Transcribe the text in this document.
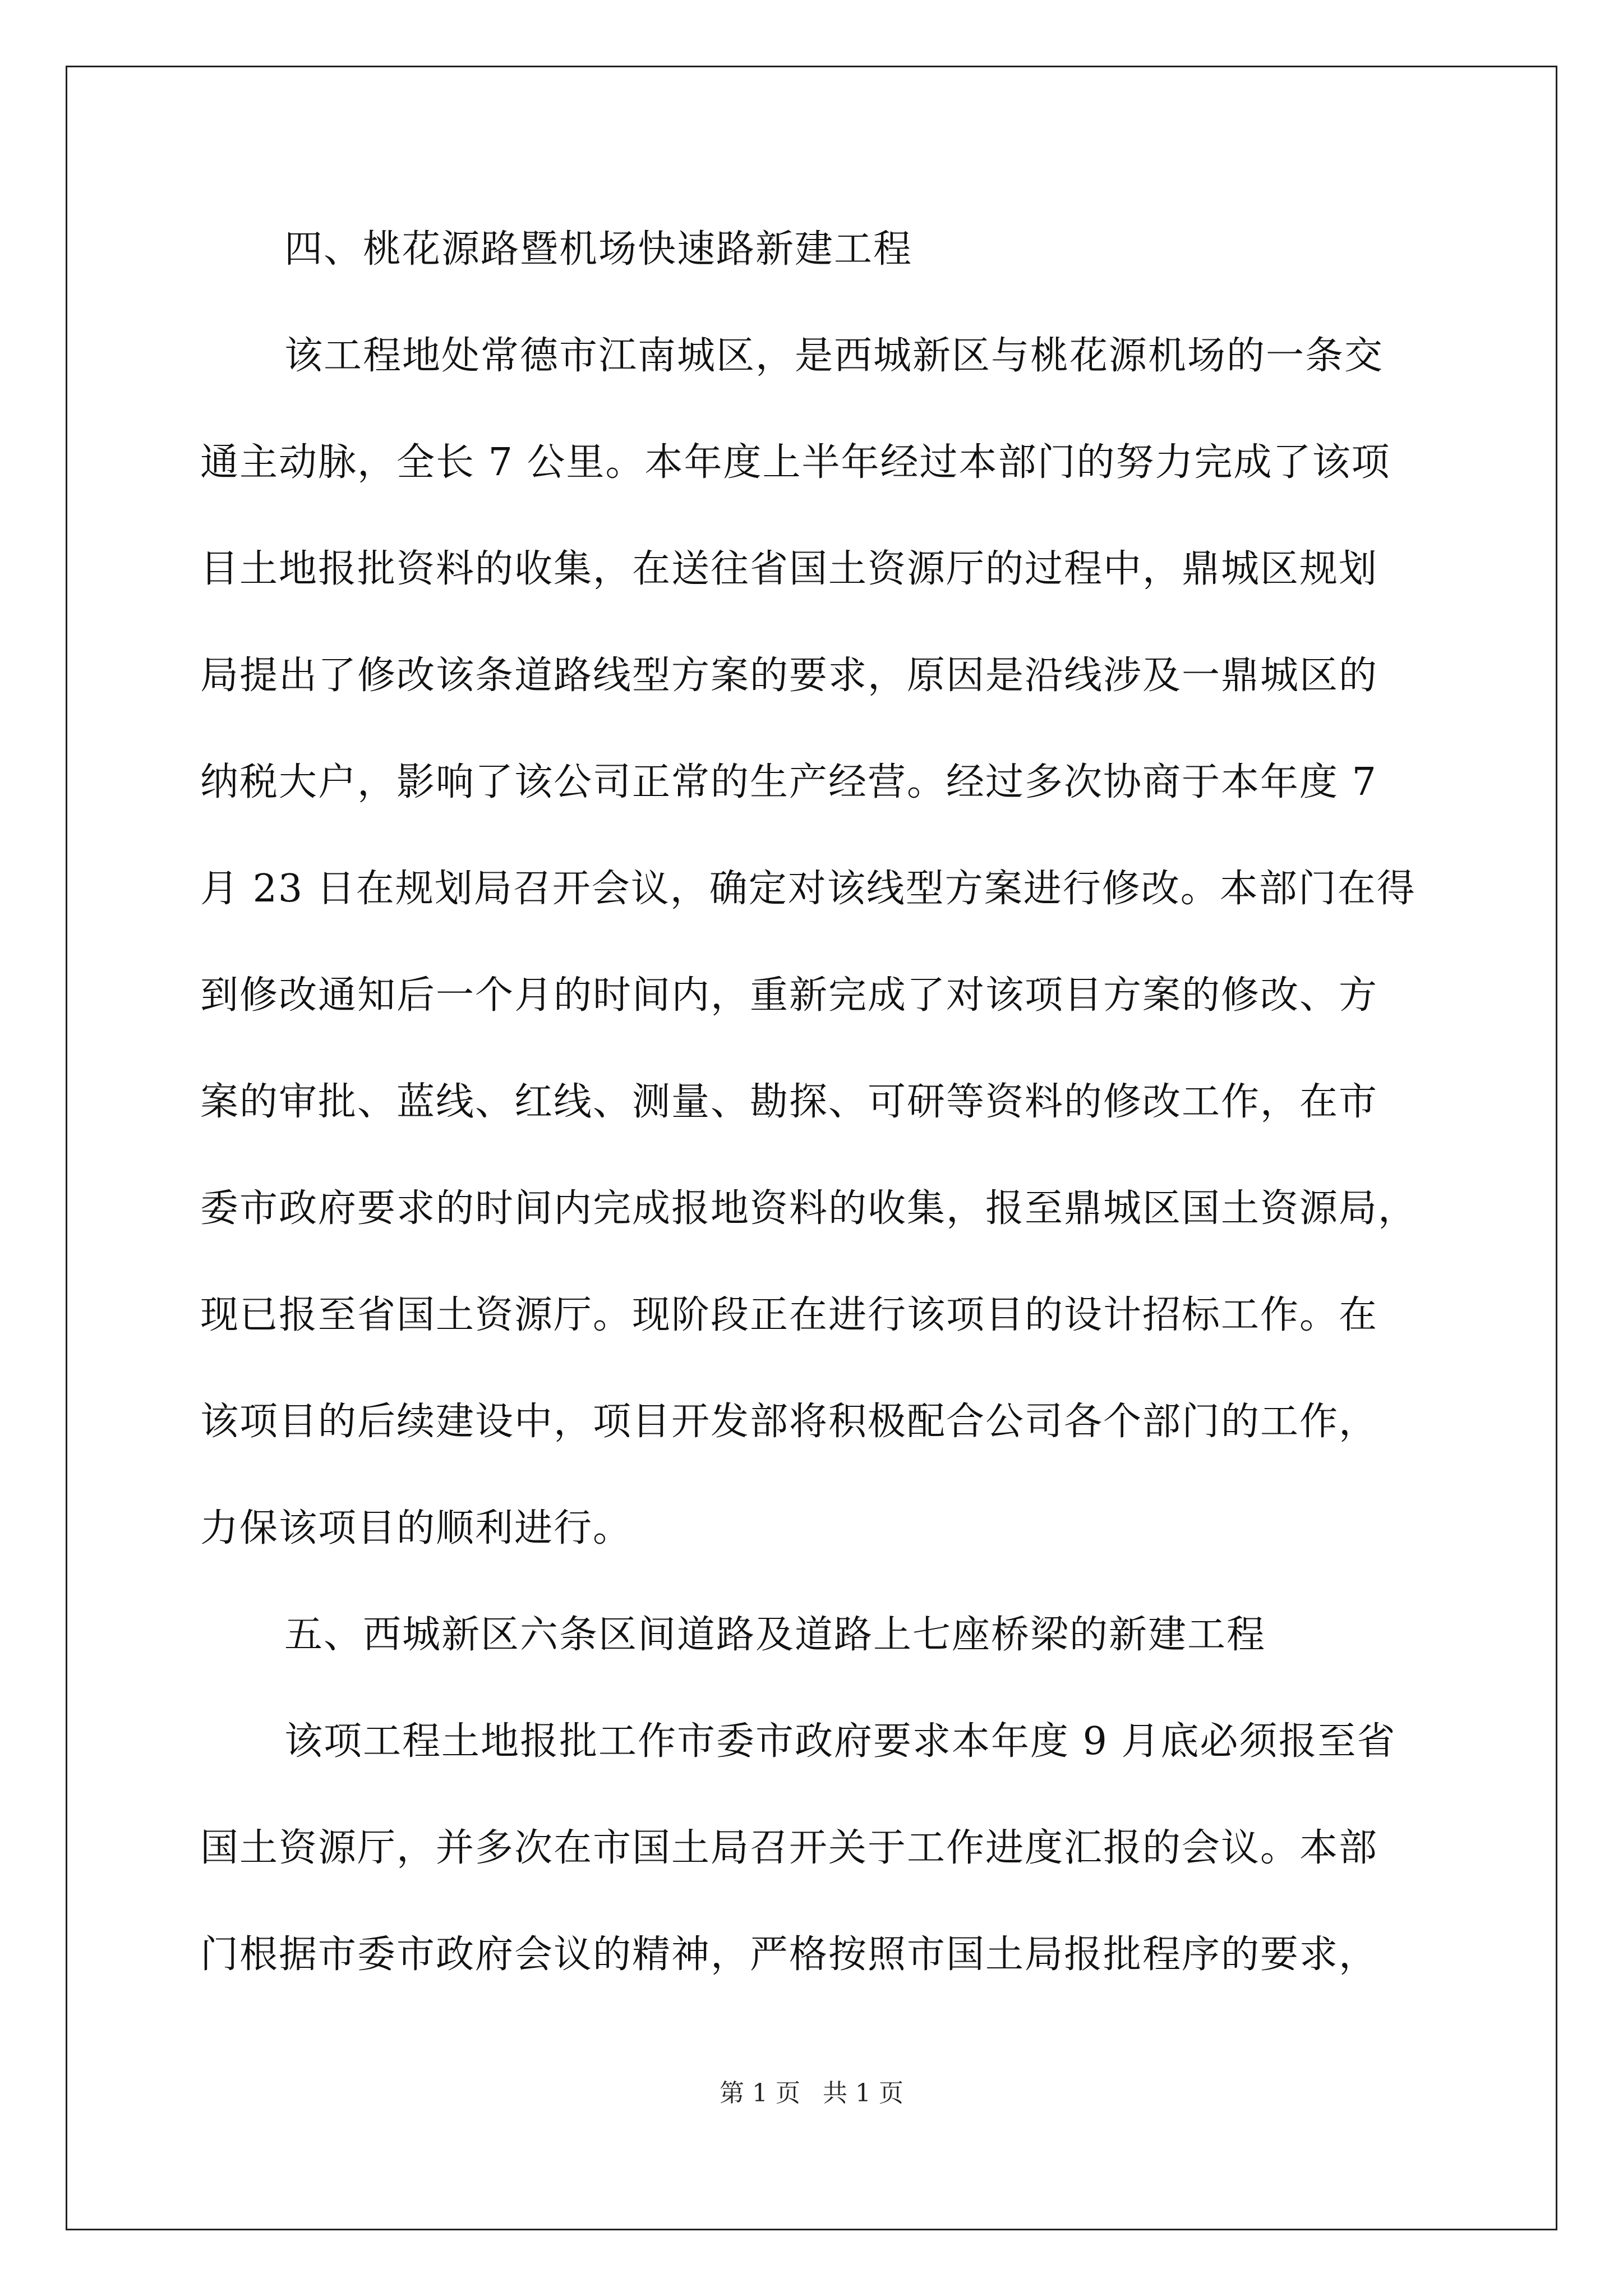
四、桃花源路暨机场快速路新建工程
该工程地处常德市江南城区，是西城新区与桃花源机场的一条交
通主动脉，全长 7 公里。本年度上半年经过本部门的努力完成了该项
目土地报批资料的收集，在送往省国土资源厅的过程中，鼎城区规划
局提出了修改该条道路线型方案的要求，原因是沿线涉及一鼎城区的
纳税大户，影响了该公司正常的生产经营。经过多次协商于本年度 7
月 23 日在规划局召开会议，确定对该线型方案进行修改。本部门在得
到修改通知后一个月的时间内，重新完成了对该项目方案的修改、方
案的审批、蓝线、红线、测量、勘探、可研等资料的修改工作，在市
委市政府要求的时间内完成报地资料的收集，报至鼎城区国土资源局，
现已报至省国土资源厅。现阶段正在进行该项目的设计招标工作。在
该项目的后续建设中，项目开发部将积极配合公司各个部门的工作，
力保该项目的顺利进行。
五、西城新区六条区间道路及道路上七座桥梁的新建工程
该项工程土地报批工作市委市政府要求本年度 9 月底必须报至省
国土资源厅，并多次在市国土局召开关于工作进度汇报的会议。本部
门根据市委市政府会议的精神，严格按照市国土局报批程序的要求，
第 1 页 共 1 页
